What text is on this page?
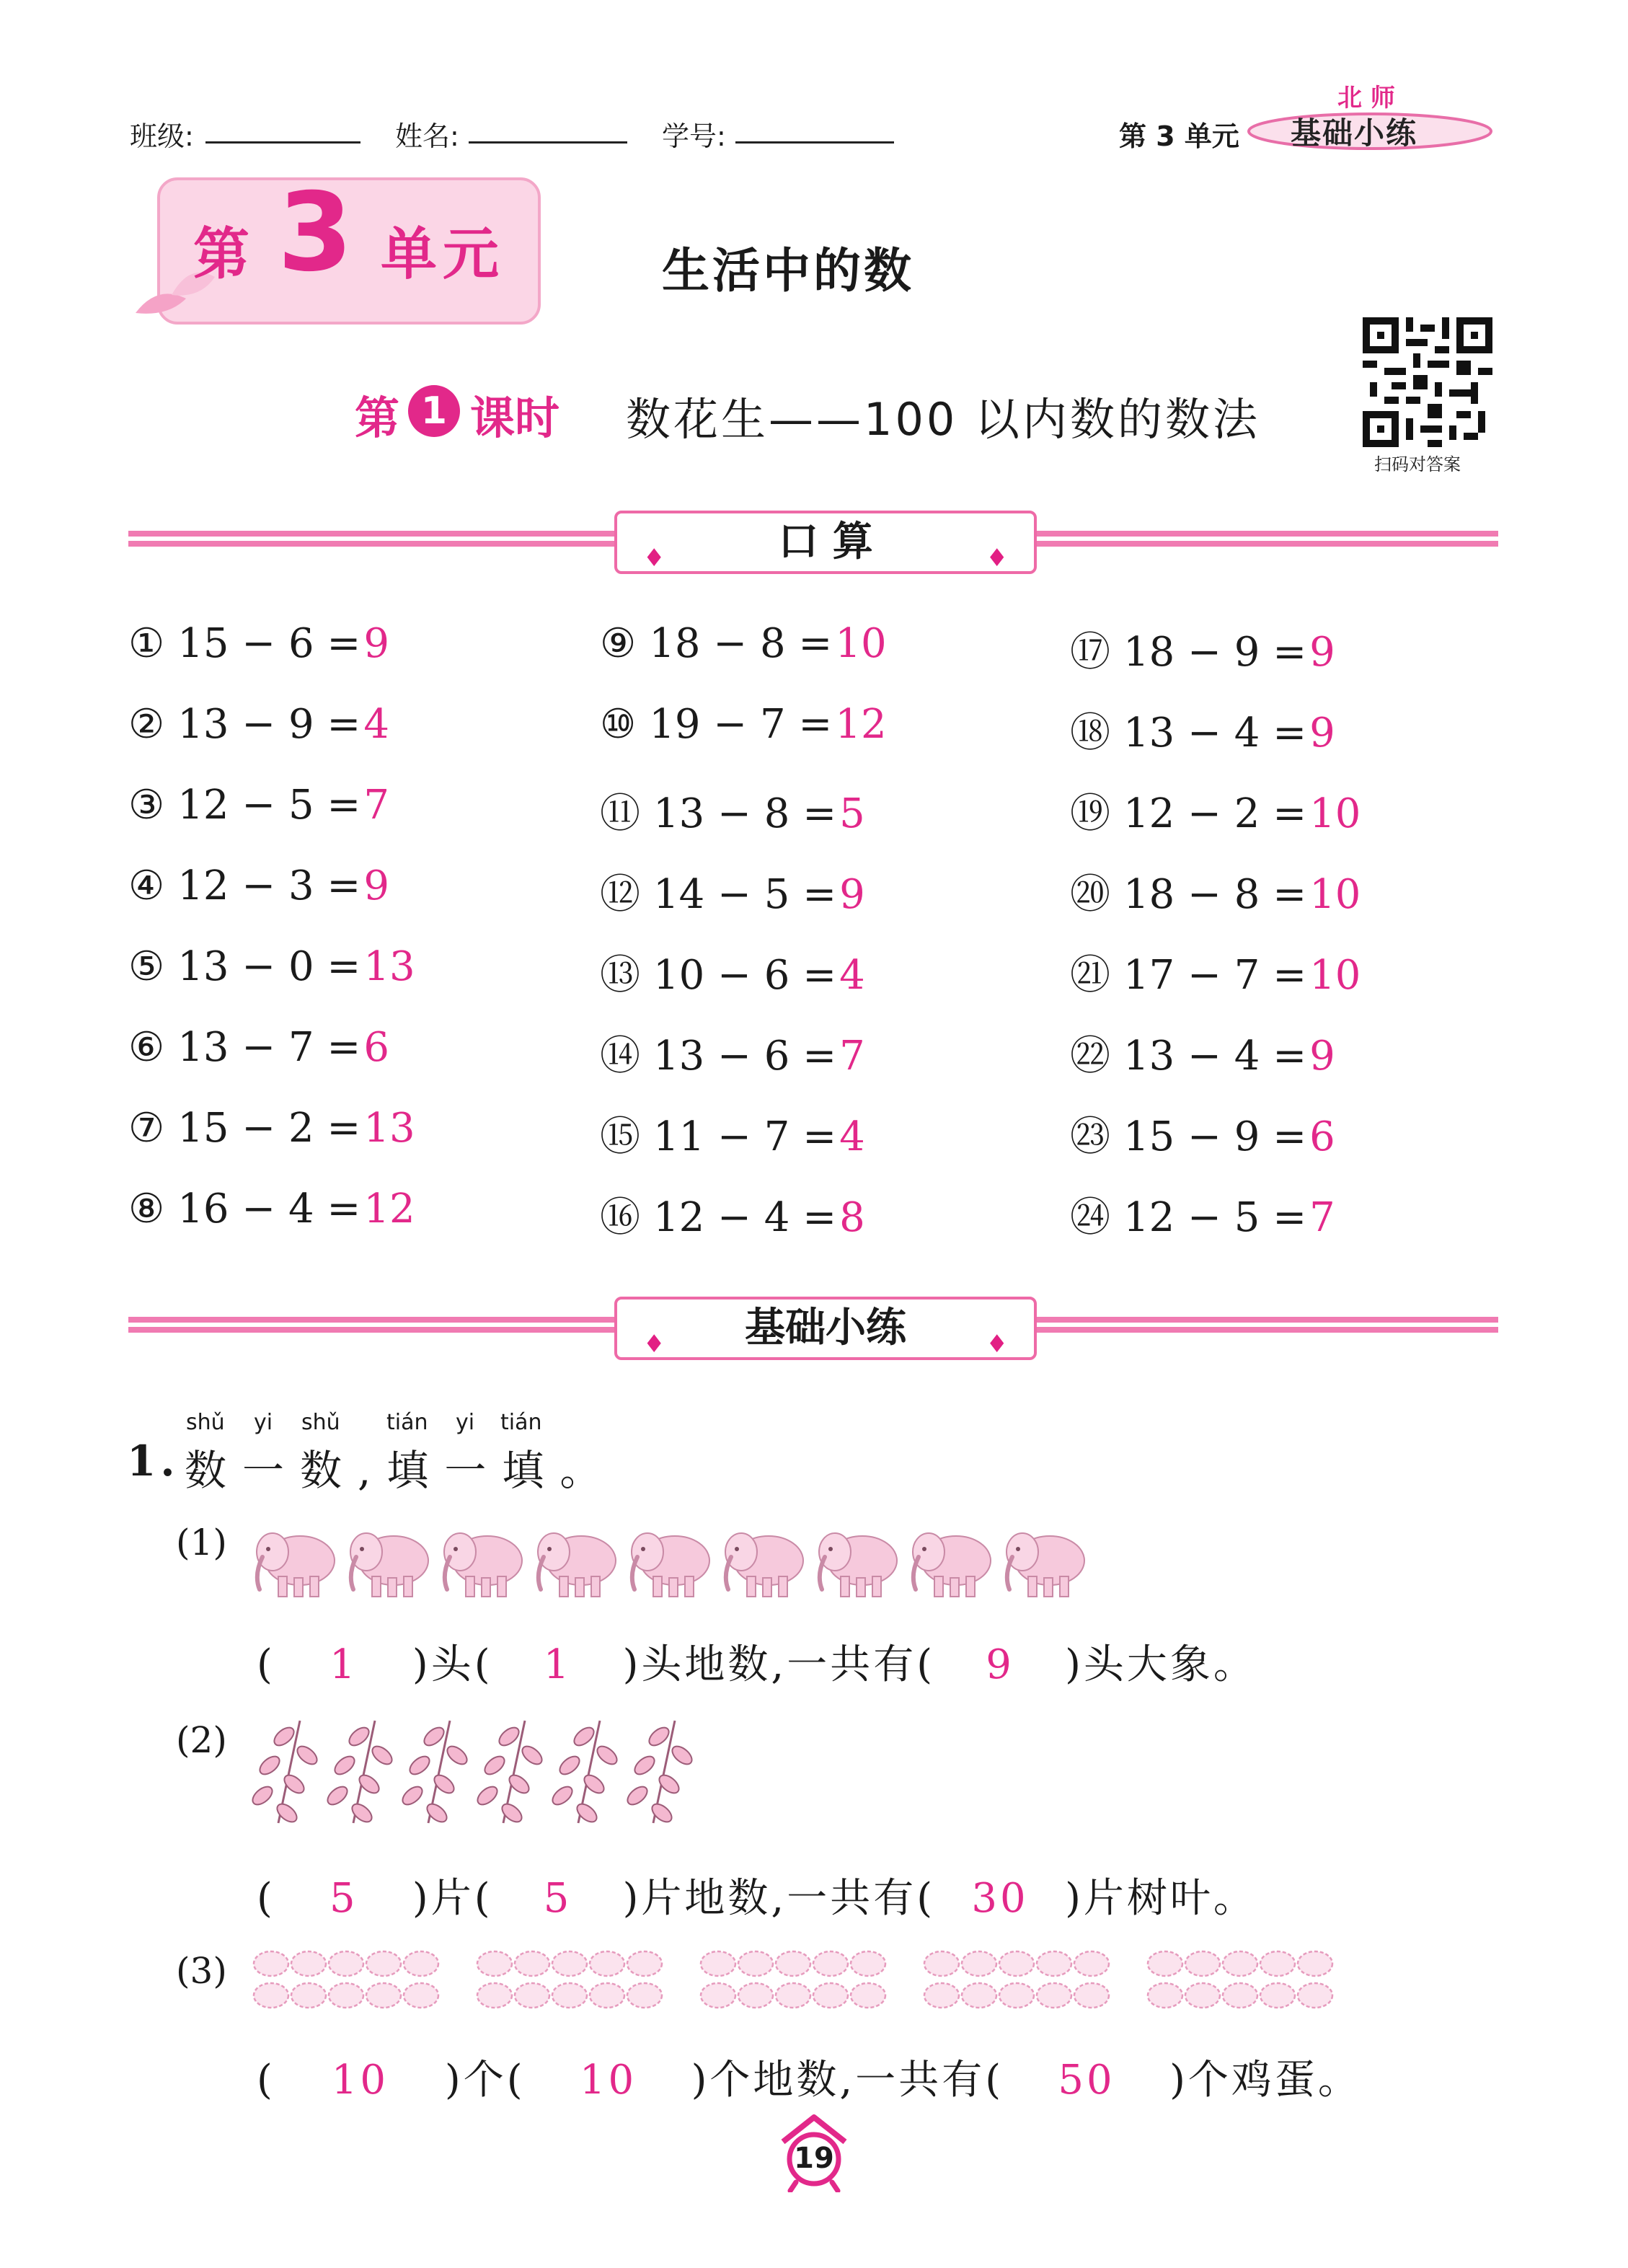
班级:	姓名:	学号:	第 3 单元
北 师
基础小练
第 3 单元	生活中的数
第 1 课时 数花生——100 以内数的数法
扫码对答案
♦	口 算	♦
① 15 − 6 =9
② 13 − 9 =4
③ 12 − 5 =7
④ 12 − 3 =9
⑤ 13 − 0 =13
⑥ 13 − 7 =6
⑦ 15 − 2 =13
⑧ 16 − 4 =12
⑨ 18 − 8 =10
⑩ 19 − 7 =12
⑪ 13 − 8 =5
⑫ 14 − 5 =9
⑬ 10 − 6 =4
⑭ 13 − 6 =7
⑮ 11 − 7 =4
⑯ 12 − 4 =8
⑰ 18 − 9 =9
⑱ 13 − 4 =9
⑲ 12 − 2 =10
⑳ 18 − 8 =10
㉑ 17 − 7 =10
㉒ 13 − 4 =9
㉓ 15 − 9 =6
㉔ 12 − 5 =7
♦ 基础小练	♦
shǔ yi shǔ tián yi tián
1. 数一数,填一填。
(1)
( 1 )头( 1 )头地数,一共有( 9 )头大象。
(2)
( 5 )片( 5 )片地数,一共有( 30 )片树叶。
(3)
( 10 )个( 10 )个地数,一共有( 50 )个鸡蛋。
19
